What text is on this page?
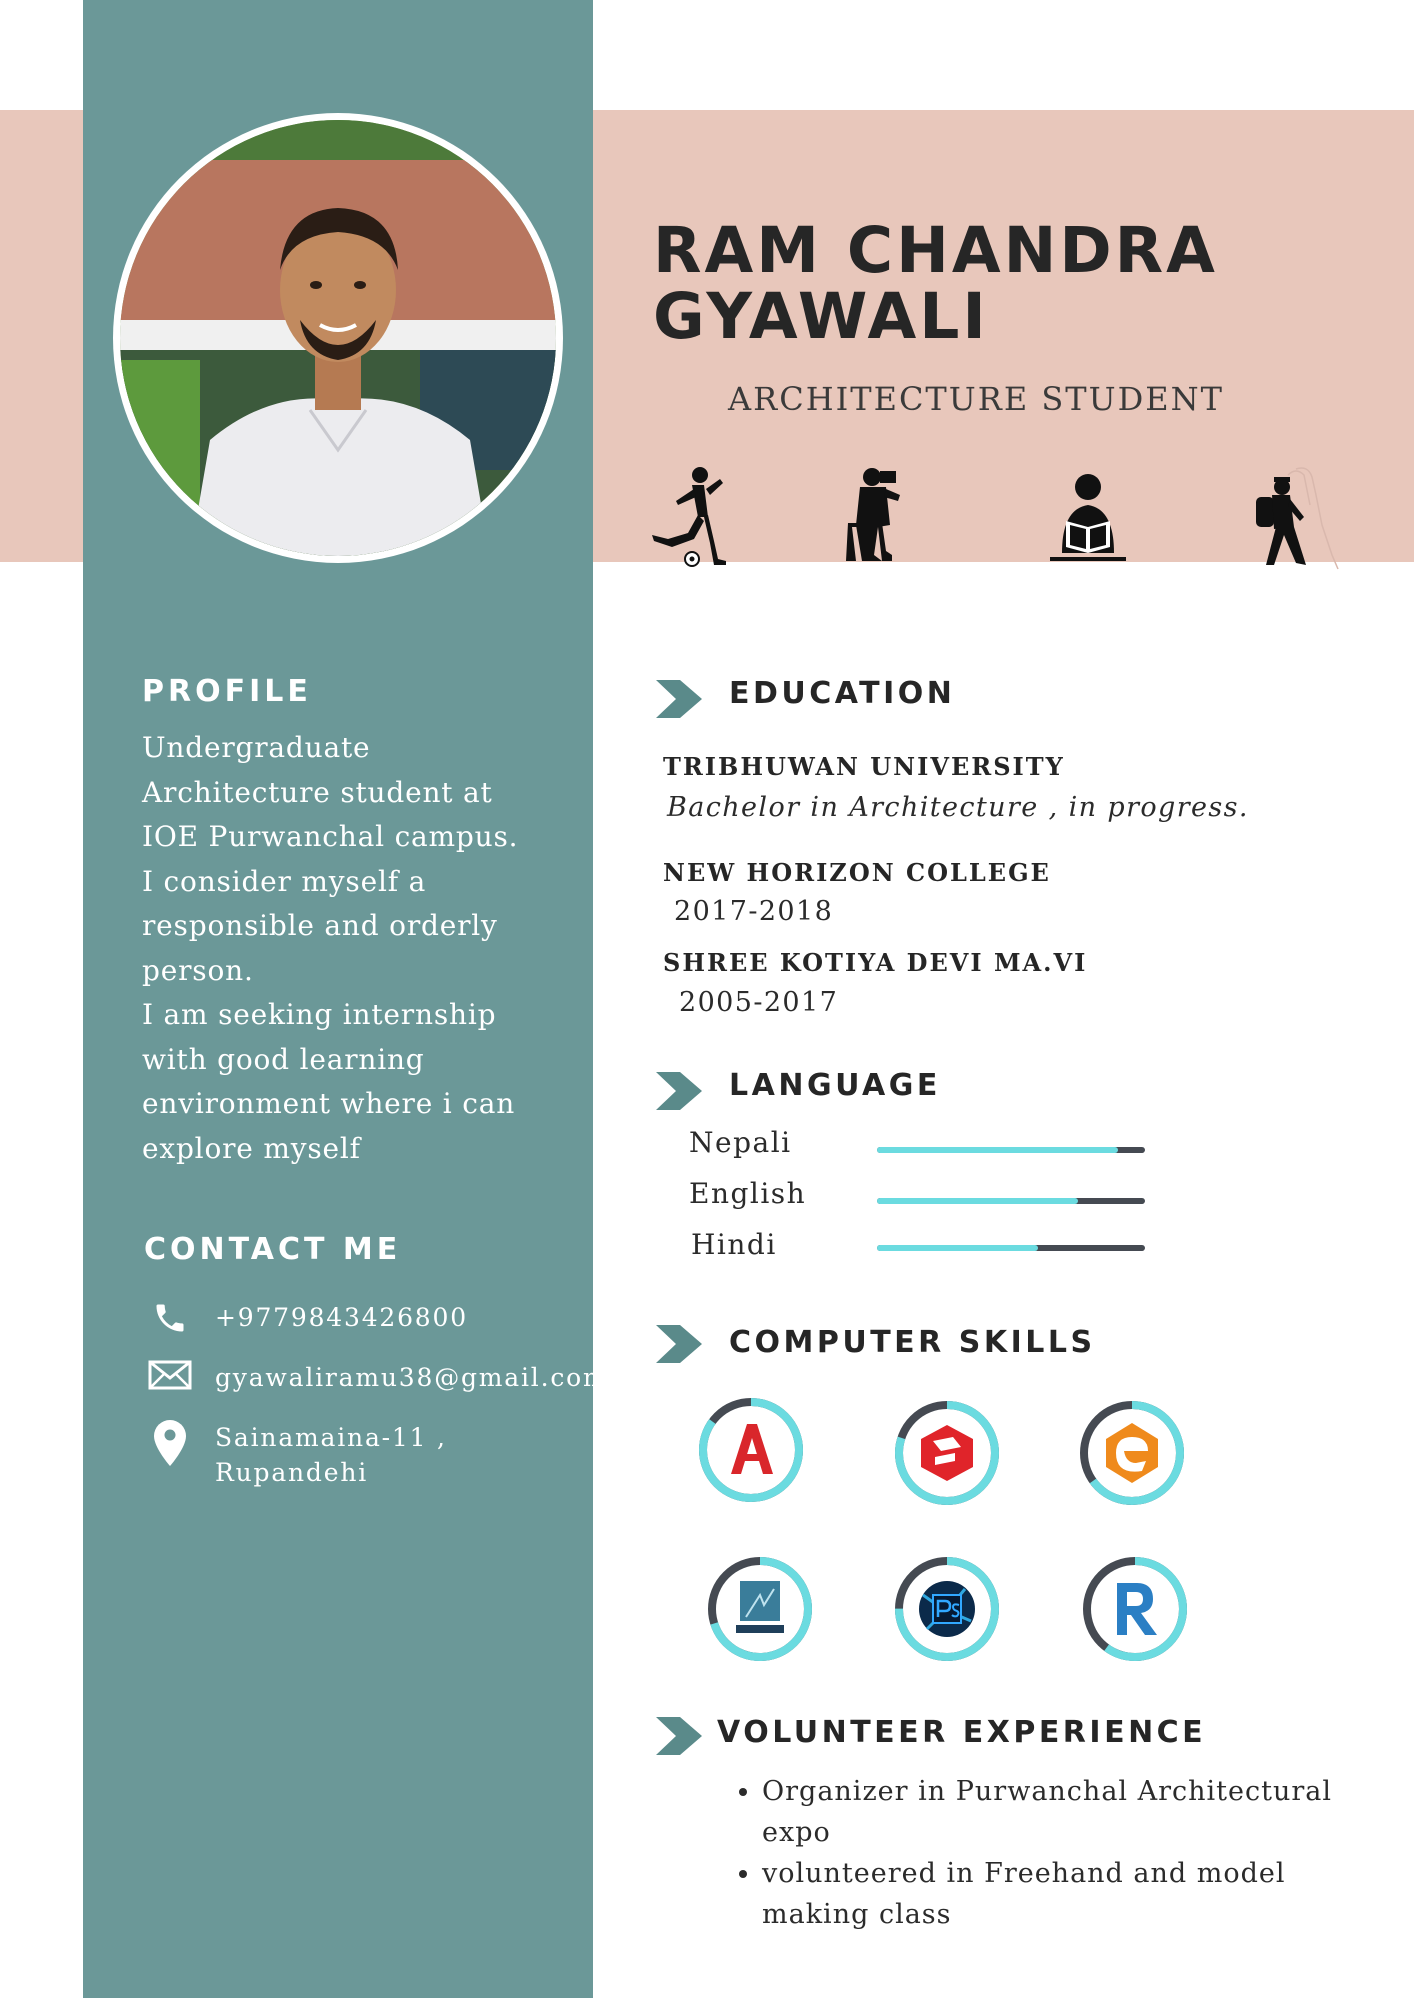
RAM CHANDRA
GYAWALI
ARCHITECTURE STUDENT
PROFILE

Undergraduate
Architecture student at
IOE Purwanchal campus.
I consider myself a
responsible and orderly
person.
I am seeking internship
with good learning
environment where i can
explore myself

CONTACT ME
+9779843426800
gyawaliramu38@gmail.com
Sainamaina-11 ,
Rupandehi
EDUCATION
TRIBHUWAN UNIVERSITY
Bachelor in Architecture , in progress.
NEW HORIZON COLLEGE
2017-2018
SHREE KOTIYA DEVI MA.VI
2005-2017
LANGUAGE
Nepali
English
Hindi
COMPUTER SKILLS
VOLUNTEER EXPERIENCE
• Organizer in Purwanchal Architectural expo
• volunteered in Freehand and model making class
